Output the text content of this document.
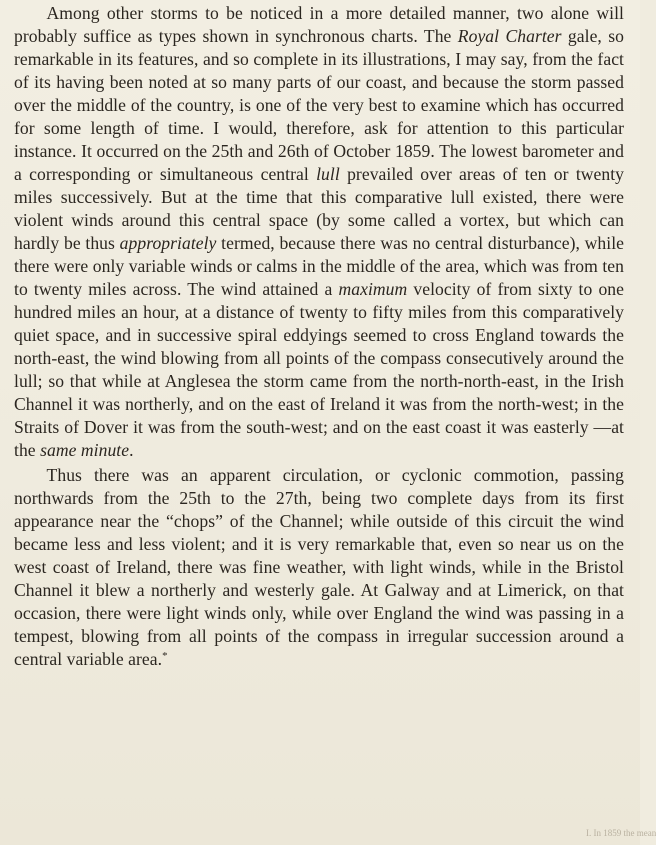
Among other storms to be noticed in a more detailed manner, two alone will probably suffice as types shown in synchronous charts. The Royal Charter gale, so remarkable in its features, and so complete in its illustrations, I may say, from the fact of its having been noted at so many parts of our coast, and because the storm passed over the middle of the country, is one of the very best to examine which has occurred for some length of time. I would, therefore, ask for attention to this particular instance. It occurred on the 25th and 26th of October 1859. The lowest barometer and a corresponding or simultaneous central lull prevailed over areas of ten or twenty miles successively. But at the time that this comparative lull existed, there were violent winds around this central space (by some called a vortex, but which can hardly be thus appropriately termed, because there was no central disturbance), while there were only variable winds or calms in the middle of the area, which was from ten to twenty miles across. The wind attained a maximum velocity of from sixty to one hundred miles an hour, at a distance of twenty to fifty miles from this comparatively quiet space, and in successive spiral eddyings seemed to cross England towards the north-east, the wind blowing from all points of the compass consecutively around the lull; so that while at Anglesea the storm came from the north-north-east, in the Irish Channel it was northerly, and on the east of Ireland it was from the north-west; in the Straits of Dover it was from the south-west; and on the east coast it was easterly —at the same minute.

Thus there was an apparent circulation, or cyclonic commotion, passing northwards from the 25th to the 27th, being two complete days from its first appearance near the “chops” of the Channel; while outside of this circuit the wind became less and less violent; and it is very remarkable that, even so near us on the west coast of Ireland, there was fine weather, with light winds, while in the Bristol Channel it blew a northerly and westerly gale. At Galway and at Limerick, on that occasion, there were light winds only, while over England the wind was passing in a tempest, blowing from all points of the compass in irregular succession around a central variable area.*

I. In 1859 the mean
